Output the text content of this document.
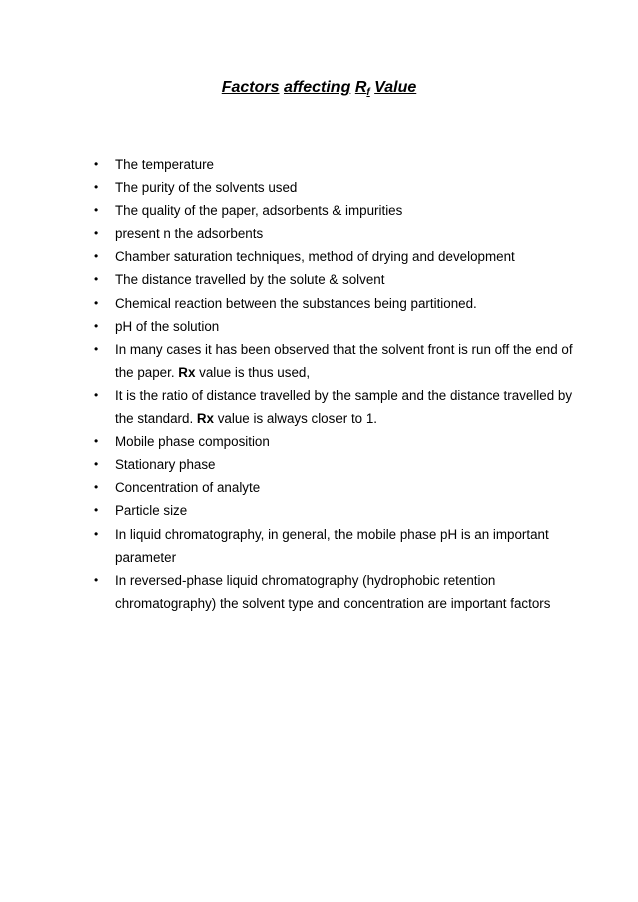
Factors affecting $R_f$ Value
• The temperature
• The purity of the solvents used
• The quality of the paper, adsorbents & impurities
• present n the adsorbents
• Chamber saturation techniques, method of drying and development
• The distance travelled by the solute & solvent
• Chemical reaction between the substances being partitioned.
• pH of the solution
• In many cases it has been observed that the solvent front is run off the end of
the paper. Rx value is thus used,
• It is the ratio of distance travelled by the sample and the distance travelled by
the standard. Rx value is always closer to 1.
• Mobile phase composition
• Stationary phase
• Concentration of analyte
• Particle size
• In liquid chromatography, in general, the mobile phase pH is an important
parameter
• In reversed-phase liquid chromatography (hydrophobic retention
chromatography) the solvent type and concentration are important factors
